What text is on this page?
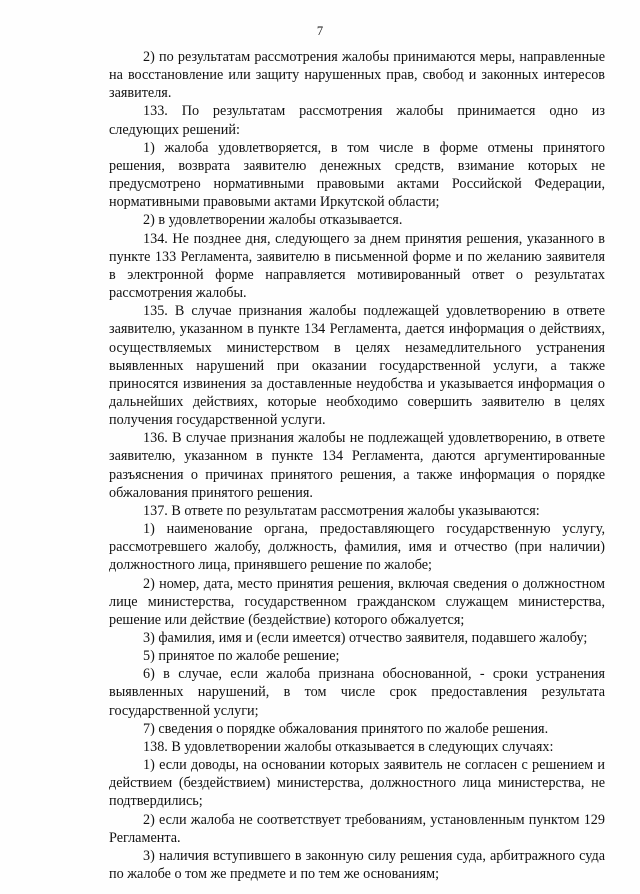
7

2) по результатам рассмотрения жалобы принимаются меры, направленные на восстановление или защиту нарушенных прав, свобод и законных интересов заявителя.

133. По результатам рассмотрения жалобы принимается одно из следующих решений:

1) жалоба удовлетворяется, в том числе в форме отмены принятого решения, возврата заявителю денежных средств, взимание которых не предусмотрено нормативными правовыми актами Российской Федерации, нормативными правовыми актами Иркутской области;

2) в удовлетворении жалобы отказывается.

134. Не позднее дня, следующего за днем принятия решения, указанного в пункте 133 Регламента, заявителю в письменной форме и по желанию заявителя в электронной форме направляется мотивированный ответ о результатах рассмотрения жалобы.

135. В случае признания жалобы подлежащей удовлетворению в ответе заявителю, указанном в пункте 134 Регламента, дается информация о действиях, осуществляемых министерством в целях незамедлительного устранения выявленных нарушений при оказании государственной услуги, а также приносятся извинения за доставленные неудобства и указывается информация о дальнейших действиях, которые необходимо совершить заявителю в целях получения государственной услуги.

136. В случае признания жалобы не подлежащей удовлетворению, в ответе заявителю, указанном в пункте 134 Регламента, даются аргументированные разъяснения о причинах принятого решения, а также информация о порядке обжалования принятого решения.

137. В ответе по результатам рассмотрения жалобы указываются:

1) наименование органа, предоставляющего государственную услугу, рассмотревшего жалобу, должность, фамилия, имя и отчество (при наличии) должностного лица, принявшего решение по жалобе;

2) номер, дата, место принятия решения, включая сведения о должностном лице министерства, государственном гражданском служащем министерства, решение или действие (бездействие) которого обжалуется;

3) фамилия, имя и (если имеется) отчество заявителя, подавшего жалобу;

5) принятое по жалобе решение;

6) в случае, если жалоба признана обоснованной, - сроки устранения выявленных нарушений, в том числе срок предоставления результата государственной услуги;

7) сведения о порядке обжалования принятого по жалобе решения.

138. В удовлетворении жалобы отказывается в следующих случаях:

1) если доводы, на основании которых заявитель не согласен с решением и действием (бездействием) министерства, должностного лица министерства, не подтвердились;

2) если жалоба не соответствует требованиям, установленным пунктом 129 Регламента.

3) наличия вступившего в законную силу решения суда, арбитражного суда по жалобе о том же предмете и по тем же основаниям;
